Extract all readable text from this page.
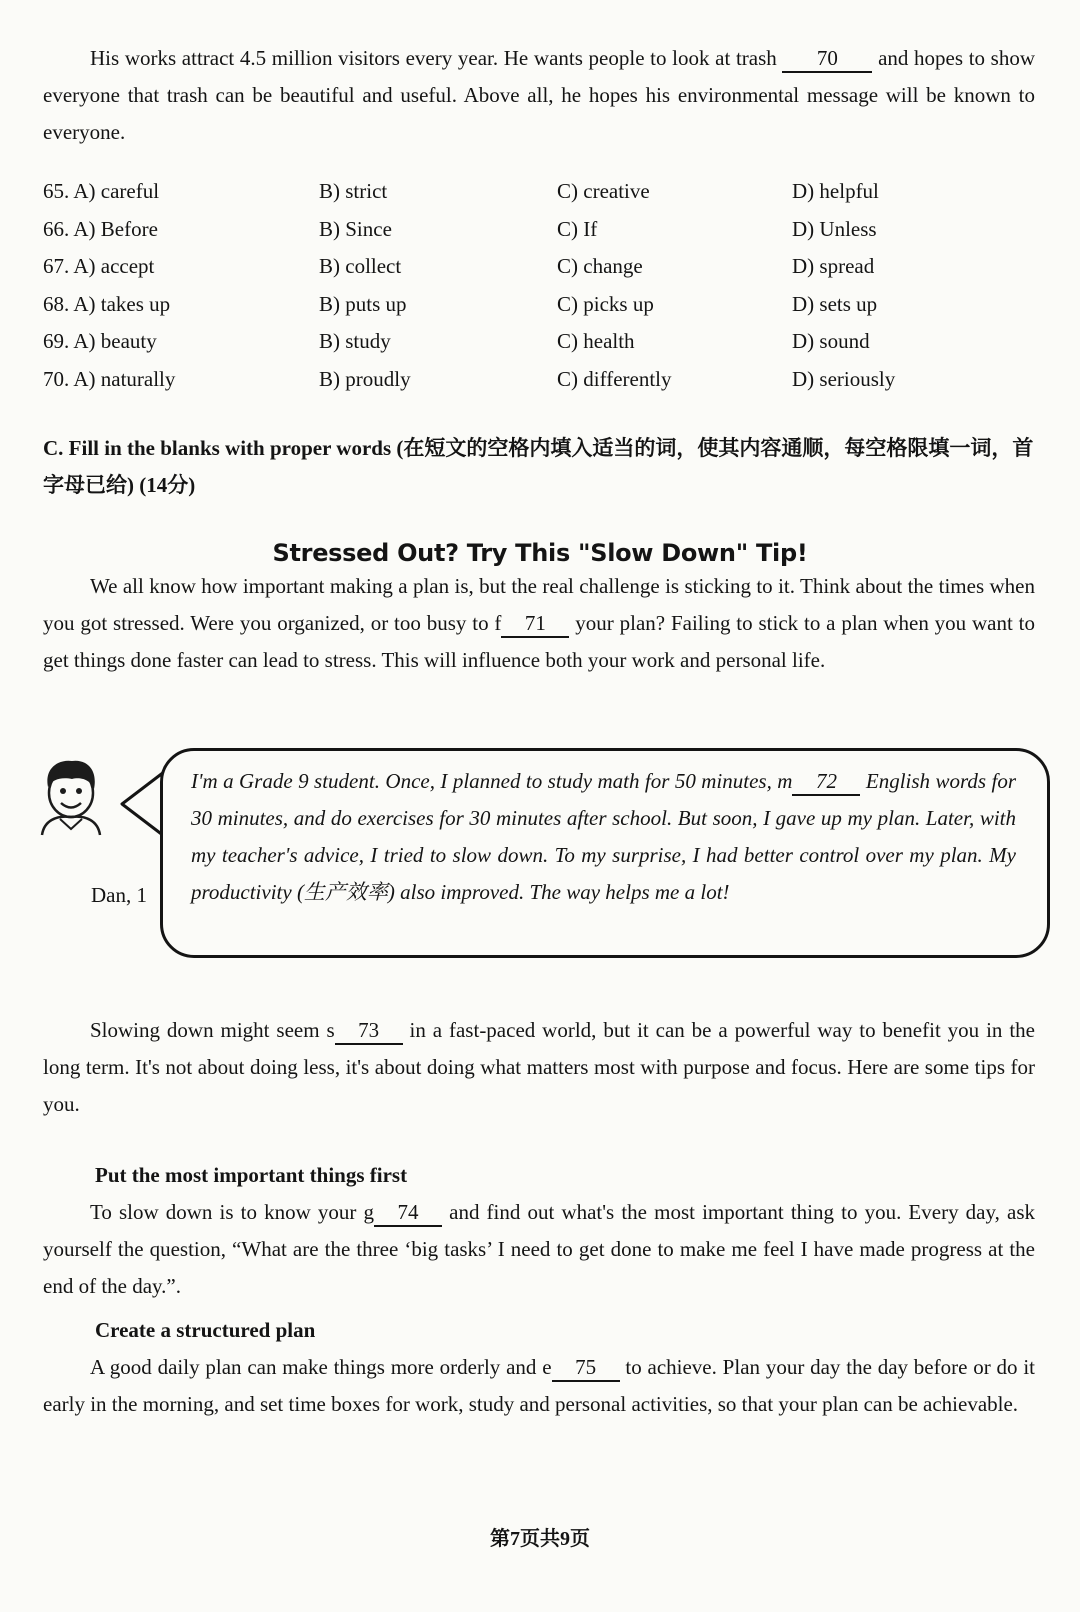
His works attract 4.5 million visitors every year. He wants people to look at trash 70 and hopes to show everyone that trash can be beautiful and useful. Above all, he hopes his environmental message will be known to everyone.

65. A) careful	B) strict	C) creative	D) helpful
66. A) Before	B) Since	C) If	D) Unless
67. A) accept	B) collect	C) change	D) spread
68. A) takes up	B) puts up	C) picks up	D) sets up
69. A) beauty	B) study	C) health	D) sound
70. A) naturally	B) proudly	C) differently	D) seriously

C. Fill in the blanks with proper words (在短文的空格内填入适当的词，使其内容通顺，每空格限填一词，首字母已给) (14分)

Stressed Out? Try This "Slow Down" Tip!

We all know how important making a plan is, but the real challenge is sticking to it. Think about the times when you got stressed. Were you organized, or too busy to f 71 your plan? Failing to stick to a plan when you want to get things done faster can lead to stress. This will influence both your work and personal life.

Dan, 1

I'm a Grade 9 student. Once, I planned to study math for 50 minutes, m 72 English words for 30 minutes, and do exercises for 30 minutes after school. But soon, I gave up my plan. Later, with my teacher's advice, I tried to slow down. To my surprise, I had better control over my plan. My productivity (生产效率) also improved. The way helps me a lot!

Slowing down might seem s 73 in a fast-paced world, but it can be a powerful way to benefit you in the long term. It's not about doing less, it's about doing what matters most with purpose and focus. Here are some tips for you.

Put the most important things first

To slow down is to know your g 74 and find out what's the most important thing to you. Every day, ask yourself the question, “What are the three ‘big tasks’ I need to get done to make me feel I have made progress at the end of the day.”.

Create a structured plan

A good daily plan can make things more orderly and e 75 to achieve. Plan your day the day before or do it early in the morning, and set time boxes for work, study and personal activities, so that your plan can be achievable.

第7页共9页
